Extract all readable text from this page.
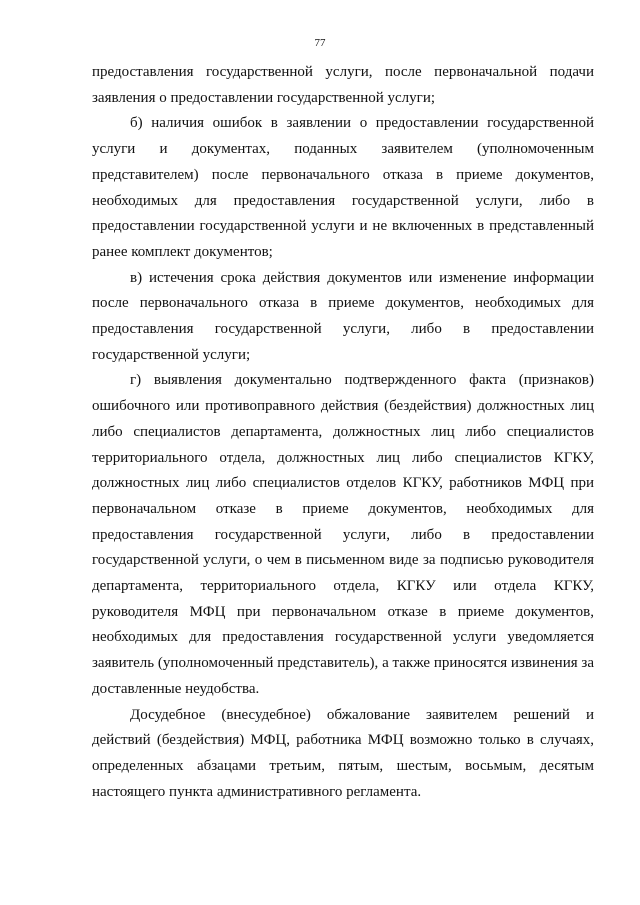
77

предоставления государственной услуги, после первоначальной подачи заявления о предоставлении государственной услуги;

б) наличия ошибок в заявлении о предоставлении государственной услуги и документах, поданных заявителем (уполномоченным представителем) после первоначального отказа в приеме документов, необходимых для предоставления государственной услуги, либо в предоставлении государственной услуги и не включенных в представленный ранее комплект документов;

в) истечения срока действия документов или изменение информации после первоначального отказа в приеме документов, необходимых для предоставления государственной услуги, либо в предоставлении государственной услуги;

г) выявления документально подтвержденного факта (признаков) ошибочного или противоправного действия (бездействия) должностных лиц либо специалистов департамента, должностных лиц либо специалистов территориального отдела, должностных лиц либо специалистов КГКУ, должностных лиц либо специалистов отделов КГКУ, работников МФЦ при первоначальном отказе в приеме документов, необходимых для предоставления государственной услуги, либо в предоставлении государственной услуги, о чем в письменном виде за подписью руководителя департамента, территориального отдела, КГКУ или отдела КГКУ, руководителя МФЦ при первоначальном отказе в приеме документов, необходимых для предоставления государственной услуги уведомляется заявитель (уполномоченный представитель), а также приносятся извинения за доставленные неудобства.

Досудебное (внесудебное) обжалование заявителем решений и действий (бездействия) МФЦ, работника МФЦ возможно только в случаях, определенных абзацами третьим, пятым, шестым, восьмым, десятым настоящего пункта административного регламента.
